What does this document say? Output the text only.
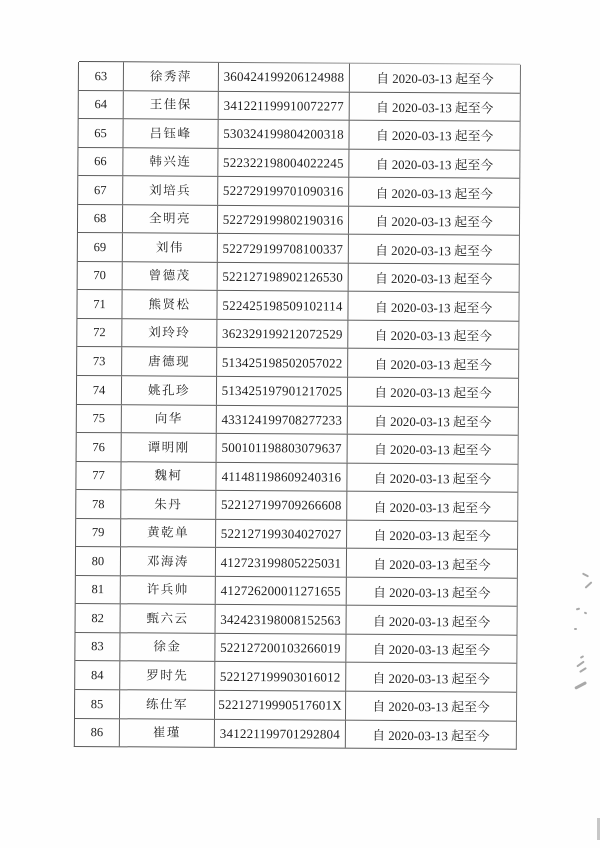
63	徐秀萍	360424199206124988	自 2020-03-13 起至今
64	王佳保	341221199910072277	自 2020-03-13 起至今
65	吕钰峰	530324199804200318	自 2020-03-13 起至今
66	韩兴连	522322198004022245	自 2020-03-13 起至今
67	刘培兵	522729199701090316	自 2020-03-13 起至今
68	全明亮	522729199802190316	自 2020-03-13 起至今
69	刘伟	522729199708100337	自 2020-03-13 起至今
70	曾德茂	522127198902126530	自 2020-03-13 起至今
71	熊贤松	522425198509102114	自 2020-03-13 起至今
72	刘玲玲	362329199212072529	自 2020-03-13 起至今
73	唐德现	513425198502057022	自 2020-03-13 起至今
74	姚孔珍	513425197901217025	自 2020-03-13 起至今
75	向华	433124199708277233	自 2020-03-13 起至今
76	谭明刚	500101198803079637	自 2020-03-13 起至今
77	魏柯	411481198609240316	自 2020-03-13 起至今
78	朱丹	522127199709266608	自 2020-03-13 起至今
79	黄乾单	522127199304027027	自 2020-03-13 起至今
80	邓海涛	412723199805225031	自 2020-03-13 起至今
81	许兵帅	412726200011271655	自 2020-03-13 起至今
82	甄六云	342423198008152563	自 2020-03-13 起至今
83	徐金	522127200103266019	自 2020-03-13 起至今
84	罗时先	522127199903016012	自 2020-03-13 起至今
85	练仕军	52212719990517601X	自 2020-03-13 起至今
86	崔瑾	341221199701292804	自 2020-03-13 起至今
